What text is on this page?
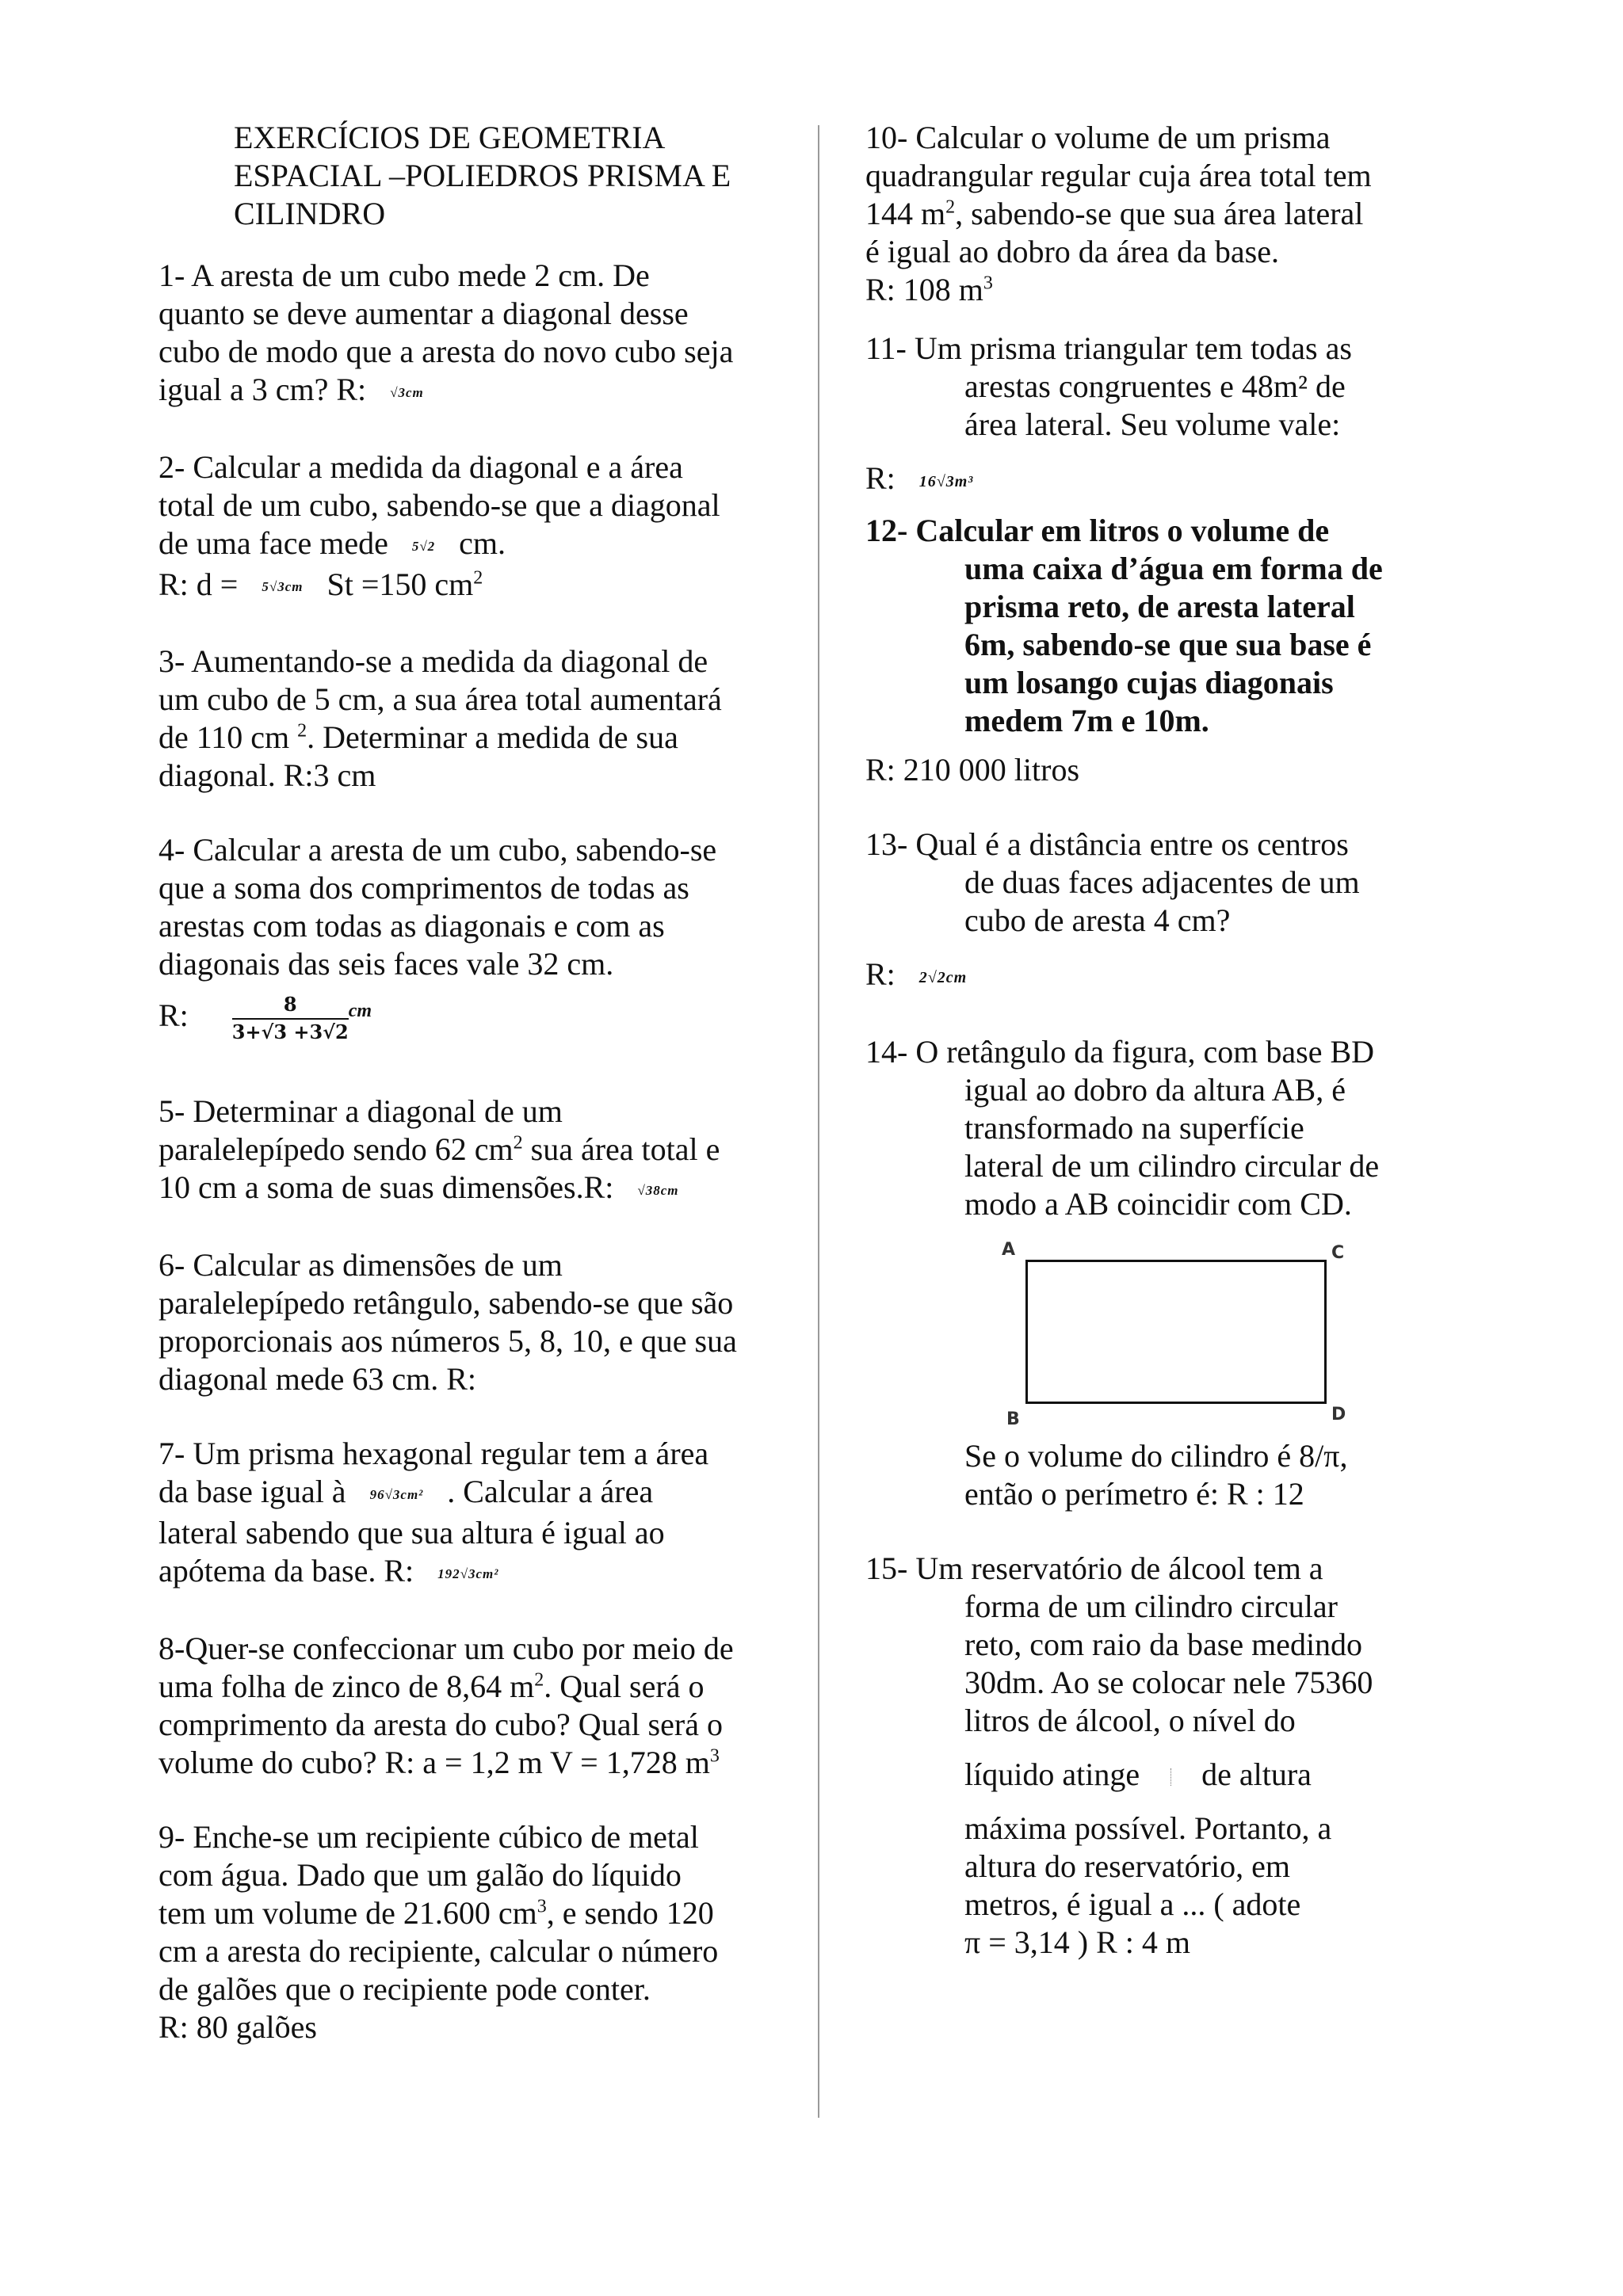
EXERCÍCIOS DE GEOMETRIA

ESPACIAL –POLIEDROS PRISMA E

CILINDRO

1- A aresta de um cubo mede 2 cm. De

quanto se deve aumentar a diagonal desse

cubo de modo que a aresta do novo cubo seja

igual a 3 cm? R: √3cm

2- Calcular a medida da diagonal e a área

total de um cubo, sabendo-se que a diagonal

de uma face mede 5√2 cm.

R: d = 5√3cm St =150 $cm^2$

3- Aumentando-se a medida da diagonal de

um cubo de 5 cm, a sua área total aumentará

de 110 cm $^2$. Determinar a medida de sua

diagonal. R:3 cm

4- Calcular a aresta de um cubo, sabendo-se

que a soma dos comprimentos de todas as

arestas com todas as diagonais e com as

diagonais das seis faces vale 32 cm.

R: $\frac{8}{3+√3 +3√2} ^{cm}$

5- Determinar a diagonal de um

paralelepípedo sendo 62 $cm^2$ sua área total e

10 cm a soma de suas dimensões.R: √38cm

6- Calcular as dimensões de um

paralelepípedo retângulo, sabendo-se que são

proporcionais aos números 5, 8, 10, e que sua

diagonal mede 63 cm. R:

7- Um prisma hexagonal regular tem a área

da base igual à 96√3cm² . Calcular a área

lateral sabendo que sua altura é igual ao

apótema da base. R: 192√3cm²

8-Quer-se confeccionar um cubo por meio de

uma folha de zinco de 8,64 $m^2$. Qual será o

comprimento da aresta do cubo? Qual será o

volume do cubo? R: a = 1,2 m V = 1,728 $m^3$

9- Enche-se um recipiente cúbico de metal

com água. Dado que um galão do líquido

tem um volume de 21.600 $cm^3$, e sendo 120

cm a aresta do recipiente, calcular o número

de galões que o recipiente pode conter.

R: 80 galões

10- Calcular o volume de um prisma

quadrangular regular cuja área total tem

144 $m^2$, sabendo-se que sua área lateral

é igual ao dobro da área da base.

R: 108 $m^3$

11- Um prisma triangular tem todas as

arestas congruentes e 48m² de

área lateral. Seu volume vale:

R: 16√3m³

12- Calcular em litros o volume de

uma caixa d’água em forma de

prisma reto, de aresta lateral

6m, sabendo-se que sua base é

um losango cujas diagonais

medem 7m e 10m.

R: 210 000 litros

13- Qual é a distância entre os centros

de duas faces adjacentes de um

cubo de aresta 4 cm?

R: 2√2cm

14- O retângulo da figura, com base BD

igual ao dobro da altura AB, é

transformado na superfície

lateral de um cilindro circular de

modo a AB coincidir com CD.

A	C
B	D

Se o volume do cilindro é 8/π,

então o perímetro é: R : 12

15- Um reservatório de álcool tem a

forma de um cilindro circular

reto, com raio da base medindo

30dm. Ao se colocar nele 75360

litros de álcool, o nível do

líquido atinge de altura

máxima possível. Portanto, a

altura do reservatório, em

metros, é igual a ... ( adote

π = 3,14 ) R : 4 m
